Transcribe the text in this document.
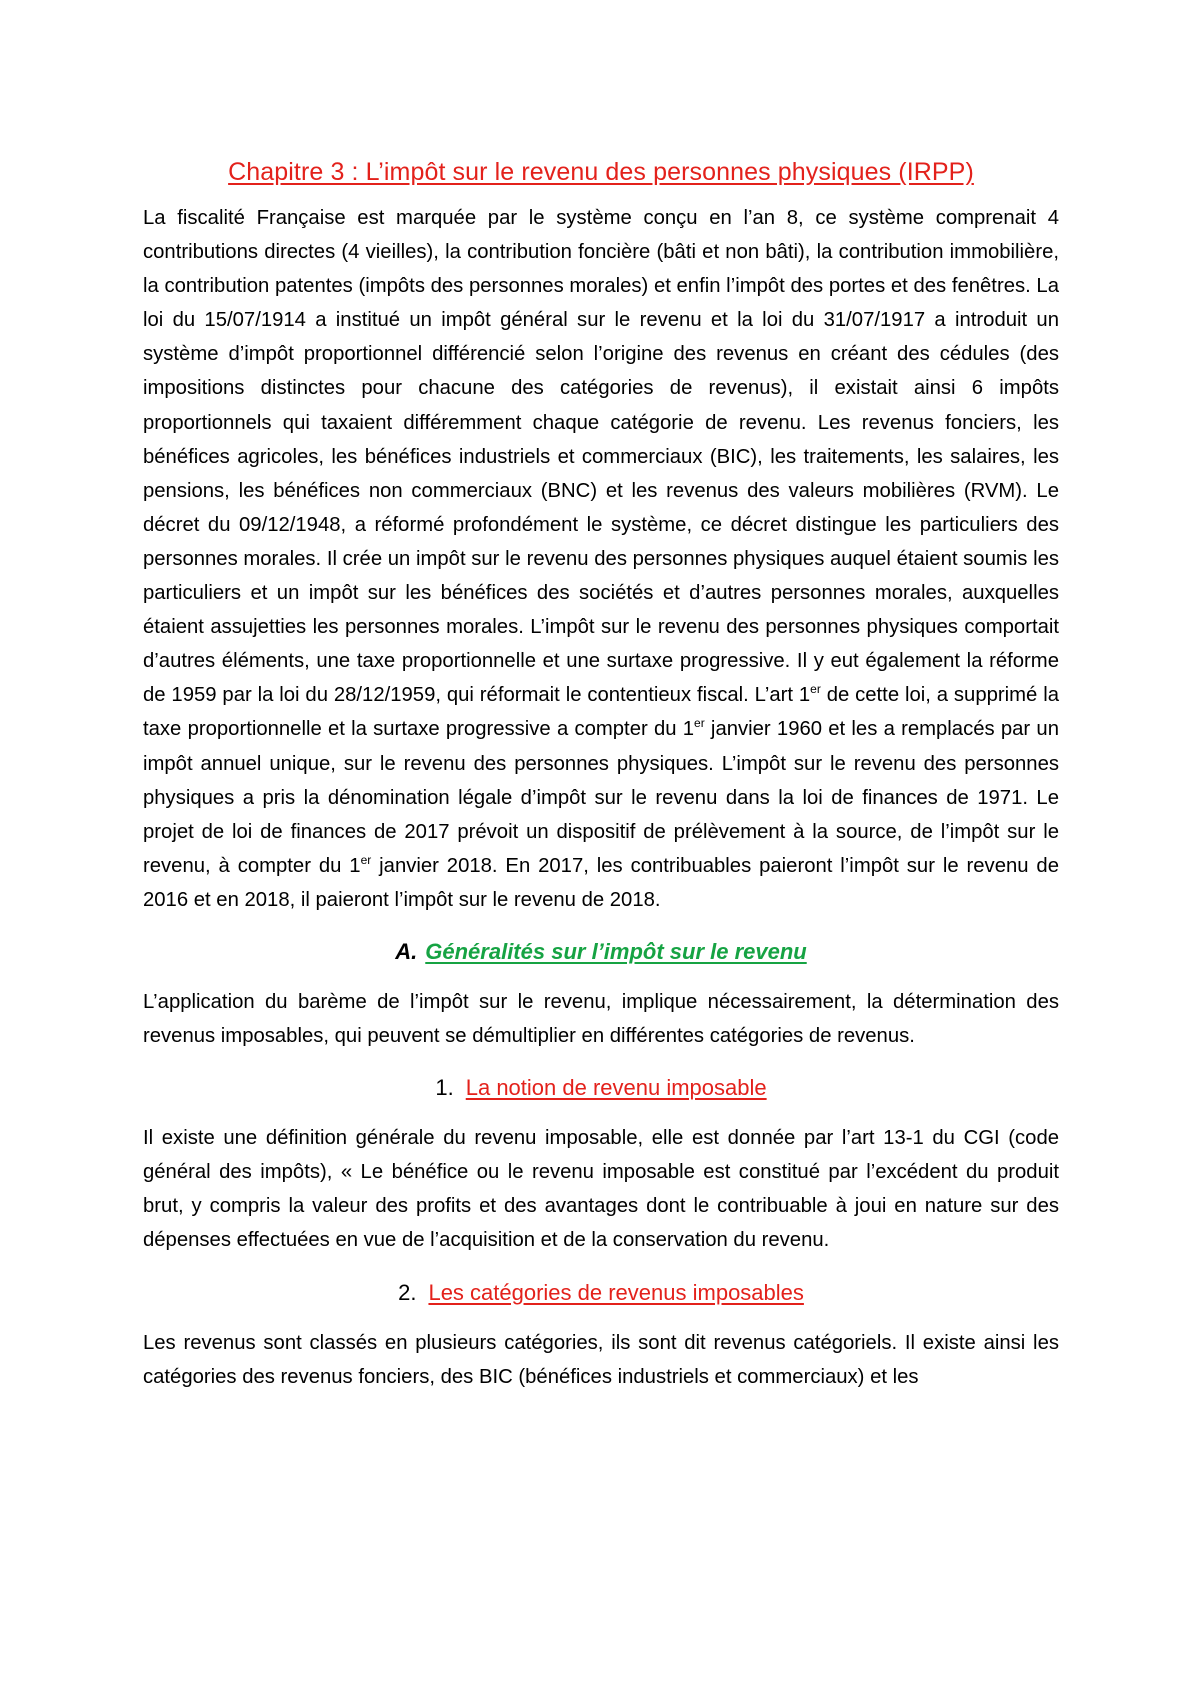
Chapitre 3 : L’impôt sur le revenu des personnes physiques (IRPP)

La fiscalité Française est marquée par le système conçu en l’an 8, ce système comprenait 4 contributions directes (4 vieilles), la contribution foncière (bâti et non bâti), la contribution immobilière, la contribution patentes (impôts des personnes morales) et enfin l’impôt des portes et des fenêtres. La loi du 15/07/1914 a institué un impôt général sur le revenu et la loi du 31/07/1917 a introduit un système d’impôt proportionnel différencié selon l’origine des revenus en créant des cédules (des impositions distinctes pour chacune des catégories de revenus), il existait ainsi 6 impôts proportionnels qui taxaient différemment chaque catégorie de revenu. Les revenus fonciers, les bénéfices agricoles, les bénéfices industriels et commerciaux (BIC), les traitements, les salaires, les pensions, les bénéfices non commerciaux (BNC) et les revenus des valeurs mobilières (RVM). Le décret du 09/12/1948, a réformé profondément le système, ce décret distingue les particuliers des personnes morales. Il crée un impôt sur le revenu des personnes physiques auquel étaient soumis les particuliers et un impôt sur les bénéfices des sociétés et d’autres personnes morales, auxquelles étaient assujetties les personnes morales. L’impôt sur le revenu des personnes physiques comportait d’autres éléments, une taxe proportionnelle et une surtaxe progressive. Il y eut également la réforme de 1959 par la loi du 28/12/1959, qui réformait le contentieux fiscal. L’art 1er de cette loi, a supprimé la taxe proportionnelle et la surtaxe progressive a compter du 1er janvier 1960 et les a remplacés par un impôt annuel unique, sur le revenu des personnes physiques. L’impôt sur le revenu des personnes physiques a pris la dénomination légale d’impôt sur le revenu dans la loi de finances de 1971. Le projet de loi de finances de 2017 prévoit un dispositif de prélèvement à la source, de l’impôt sur le revenu, à compter du 1er janvier 2018. En 2017, les contribuables paieront l’impôt sur le revenu de 2016 et en 2018, il paieront l’impôt sur le revenu de 2018.

A. Généralités sur l’impôt sur le revenu

L’application du barème de l’impôt sur le revenu, implique nécessairement, la détermination des revenus imposables, qui peuvent se démultiplier en différentes catégories de revenus.

1. La notion de revenu imposable

Il existe une définition générale du revenu imposable, elle est donnée par l’art 13-1 du CGI (code général des impôts), « Le bénéfice ou le revenu imposable est constitué par l’excédent du produit brut, y compris la valeur des profits et des avantages dont le contribuable à joui en nature sur des dépenses effectuées en vue de l’acquisition et de la conservation du revenu.

2. Les catégories de revenus imposables

Les revenus sont classés en plusieurs catégories, ils sont dit revenus catégoriels. Il existe ainsi les catégories des revenus fonciers, des BIC (bénéfices industriels et commerciaux) et les
